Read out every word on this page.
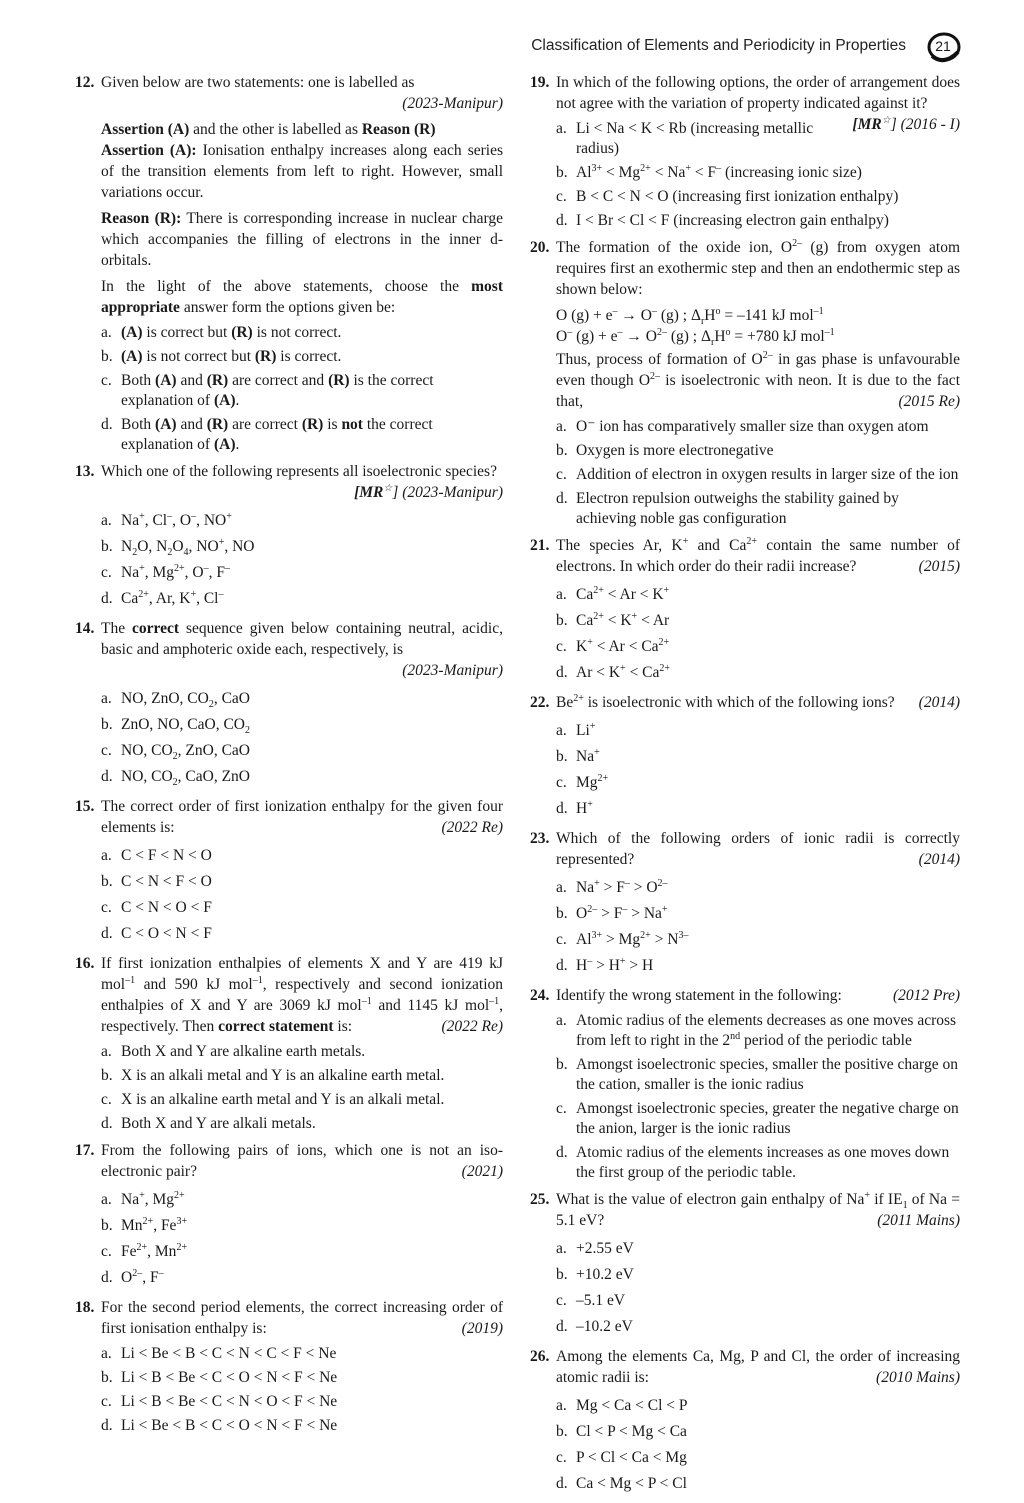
Classification of Elements and Periodicity in Properties	21
12. Given below are two statements: one is labelled as

(2023-Manipur)

Assertion (A) and the other is labelled as Reason (R)
Assertion (A): Ionisation enthalpy increases along each series of the transition elements from left to right. However, small variations occur.

Reason (R): There is corresponding increase in nuclear charge which accompanies the filling of electrons in the inner d-orbitals.

In the light of the above statements, choose the most appropriate answer form the options given be:

a. (A) is correct but (R) is not correct.
b. (A) is not correct but (R) is correct.
c. Both (A) and (R) are correct and (R) is the correct explanation of (A).
d. Both (A) and (R) are correct (R) is not the correct explanation of (A).
13. Which one of the following represents all isoelectronic species?

[MR☆] (2023-Manipur)

a. Na+, Cl–, O–, NO+
b. $N_2O$, $N_2O_4$, NO+, NO
c. Na+, $Mg^{2+}$, O–, F–
d. $Ca^{2+}$, Ar, K+, Cl–
14. The correct sequence given below containing neutral, acidic, basic and amphoteric oxide each, respectively, is

(2023-Manipur)

a. NO, ZnO, $CO_2$, CaO
b. ZnO, NO, CaO, $CO_2$
c. NO, $CO_2$, ZnO, CaO
d. NO, $CO_2$, CaO, ZnO
15. The correct order of first ionization enthalpy for the given four elements is:	(2022 Re)

a. C < F < N < O
b. C < N < F < O
c. C < N < O < F
d. C < O < N < F
16. If first ionization enthalpies of elements X and Y are 419 kJ mol$^{-1}$ and 590 kJ mol$^{-1}$, respectively and second ionization enthalpies of X and Y are 3069 kJ mol$^{-1}$ and 1145 kJ mol$^{-1}$, respectively. Then correct statement is:	(2022 Re)

a. Both X and Y are alkaline earth metals.
b. X is an alkali metal and Y is an alkaline earth metal.
c. X is an alkaline earth metal and Y is an alkali metal.
d. Both X and Y are alkali metals.
17. From the following pairs of ions, which one is not an iso-electronic pair?	(2021)

a. Na+, $Mg^{2+}$
b. $Mn^{2+}$, $Fe^{3+}$
c. $Fe^{2+}$, $Mn^{2+}$
d. $O^{2-}$, F–
18. For the second period elements, the correct increasing order of first ionisation enthalpy is:	(2019)

a. Li < Be < B < C < N < C < F < Ne
b. Li < B < Be < C < O < N < F < Ne
c. Li < B < Be < C < N < O < F < Ne
d. Li < Be < B < C < O < N < F < Ne
19. In which of the following options, the order of arrangement does not agree with the variation of property indicated against it?
[MR☆] (2016 - I)

a. Li < Na < K < Rb (increasing metallic radius)
b. $Al^{3+} < Mg^{2+} < Na^+ < F^-$ (increasing ionic size)
c. B < C < N < O (increasing first ionization enthalpy)
d. I < Br < Cl < F (increasing electron gain enthalpy)
20. The formation of the oxide ion, $O^{2-}$ (g) from oxygen atom requires first an exothermic step and then an endothermic step as shown below:

O (g) + e– → O– (g) ; $\Delta_rH^o = -141$ kJ mol$^{-1}$

O– $(g) + e^- \to O^{2-}$ (g) ; $\Delta_rH^o = +780$ kJ mol$^{-1}$

Thus, process of formation of $O^{2-}$ in gas phase is unfavourable even though $O^{2-}$ is isoelectronic with neon. It is due to the fact that,	(2015 Re)

a. O⁻ ion has comparatively smaller size than oxygen atom
b. Oxygen is more electronegative
c. Addition of electron in oxygen results in larger size of the ion
d. Electron repulsion outweighs the stability gained by achieving noble gas configuration
21. The species Ar, K+ and $Ca^{2+}$ contain the same number of electrons. In which order do their radii increase?	(2015)

a. $Ca^{2+} < Ar < K^+$
b. $Ca^{2+} < K^+ < Ar$
c. $K^+ < Ar < Ca^{2+}$
d. $Ar < K^+ < Ca^{2+}$
22. $Be^{2+}$ is isoelectronic with which of the following ions?	(2014)

a. Li+
b. Na+
c. $Mg^{2+}$
d. H+
23. Which of the following orders of ionic radii is correctly represented?	(2014)

a. $Na^+ > F^- > O^{2-}$
b. $O^{2-} > F^- > Na^+$
c. $Al^{3+} > Mg^{2+} > N^{3-}$
d. H– > H+ > H
24. Identify the wrong statement in the following:	(2012 Pre)

a. Atomic radius of the elements decreases as one moves across from left to right in the 2nd period of the periodic table
b. Amongst isoelectronic species, smaller the positive charge on the cation, smaller is the ionic radius
c. Amongst isoelectronic species, greater the negative charge on the anion, larger is the ionic radius
d. Atomic radius of the elements increases as one moves down the first group of the periodic table.
25. What is the value of electron gain enthalpy of Na+ if $IE_1$ of Na = 5.1 eV?	(2011 Mains)

a. +2.55 eV
b. +10.2 eV
c. –5.1 eV
d. –10.2 eV
26. Among the elements Ca, Mg, P and Cl, the order of increasing atomic radii is:	(2010 Mains)

a. Mg < Ca < Cl < P
b. Cl < P < Mg < Ca
c. P < Cl < Ca < Mg
d. Ca < Mg < P < Cl
